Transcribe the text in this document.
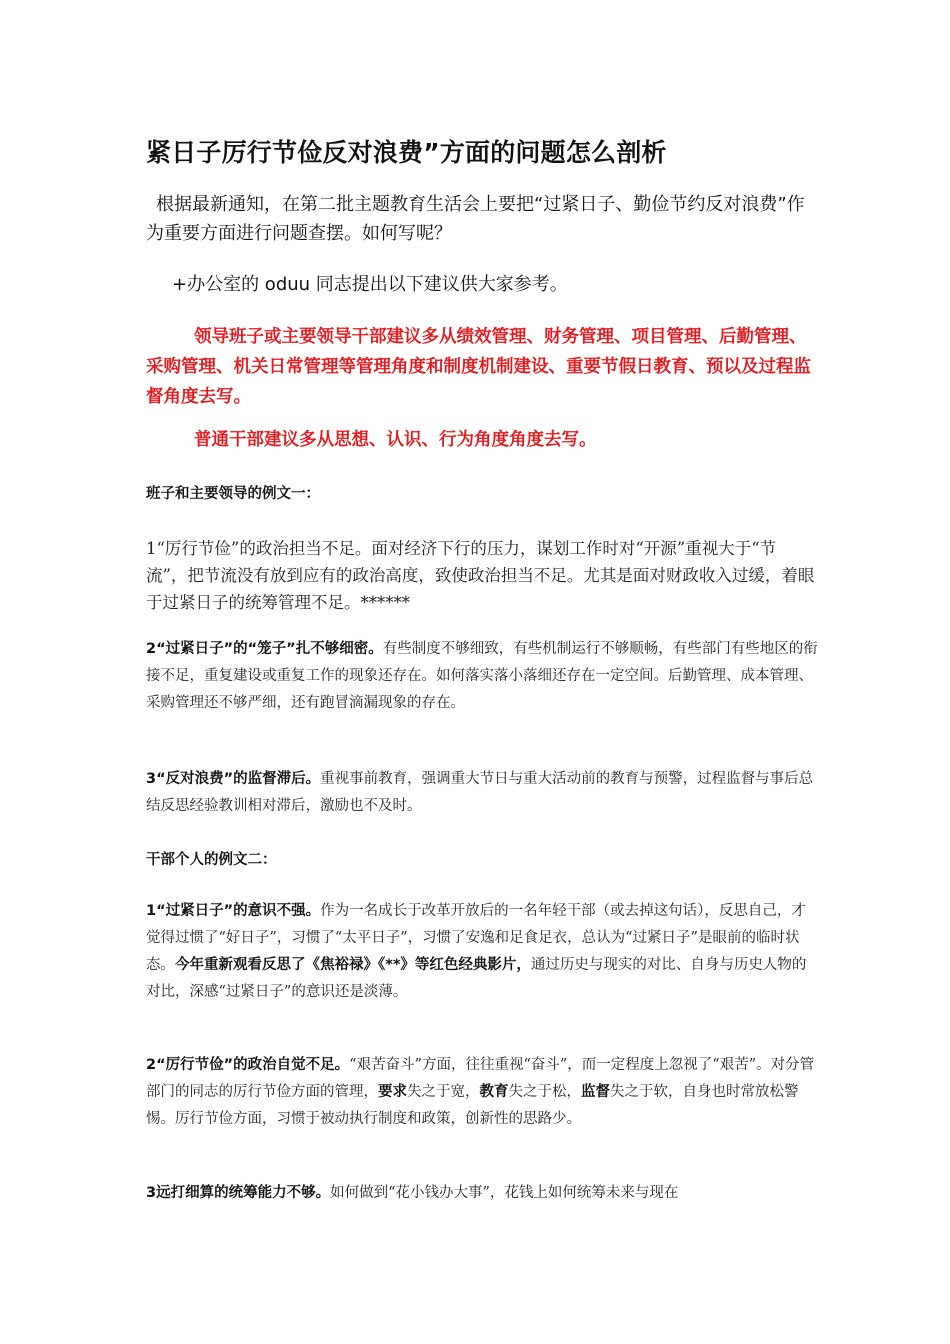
紧日子厉行节俭反对浪费”方面的问题怎么剖析
根据最新通知，在第二批主题教育生活会上要把“过紧日子、勤俭节约反对浪费”作为重要方面进行问题查摆。如何写呢？
+办公室的 oduu 同志提出以下建议供大家参考。
领导班子或主要领导干部建议多从绩效管理、财务管理、项目管理、后勤管理、采购管理、机关日常管理等管理角度和制度机制建设、重要节假日教育、预以及过程监督角度去写。
普通干部建议多从思想、认识、行为角度角度去写。
班子和主要领导的例文一：
1“厉行节俭”的政治担当不足。面对经济下行的压力，谋划工作时对“开源”重视大于“节流”，把节流没有放到应有的政治高度，致使政治担当不足。尤其是面对财政收入过缓，着眼于过紧日子的统筹管理不足。******
2“过紧日子”的“笼子”扎不够细密。有些制度不够细致，有些机制运行不够顺畅，有些部门有些地区的衔接不足，重复建设或重复工作的现象还存在。如何落实落小落细还存在一定空间。后勤管理、成本管理、采购管理还不够严细，还有跑冒滴漏现象的存在。
3“反对浪费”的监督滞后。重视事前教育，强调重大节日与重大活动前的教育与预警，过程监督与事后总结反思经验教训相对滞后，激励也不及时。
干部个人的例文二：
1“过紧日子”的意识不强。作为一名成长于改革开放后的一名年轻干部（或去掉这句话），反思自己，才觉得过惯了“好日子”，习惯了“太平日子”，习惯了安逸和足食足衣，总认为“过紧日子”是眼前的临时状态。今年重新观看反思了《焦裕禄》《**》等红色经典影片，通过历史与现实的对比、自身与历史人物的对比，深感“过紧日子”的意识还是淡薄。
2“厉行节俭”的政治自觉不足。“艰苦奋斗”方面，往往重视“奋斗”，而一定程度上忽视了“艰苦”。对分管部门的同志的厉行节俭方面的管理，要求失之于宽，教育失之于松，监督失之于软，自身也时常放松警惕。厉行节俭方面，习惯于被动执行制度和政策，创新性的思路少。
3远打细算的统筹能力不够。如何做到“花小钱办大事”，花钱上如何统筹未来与现在
